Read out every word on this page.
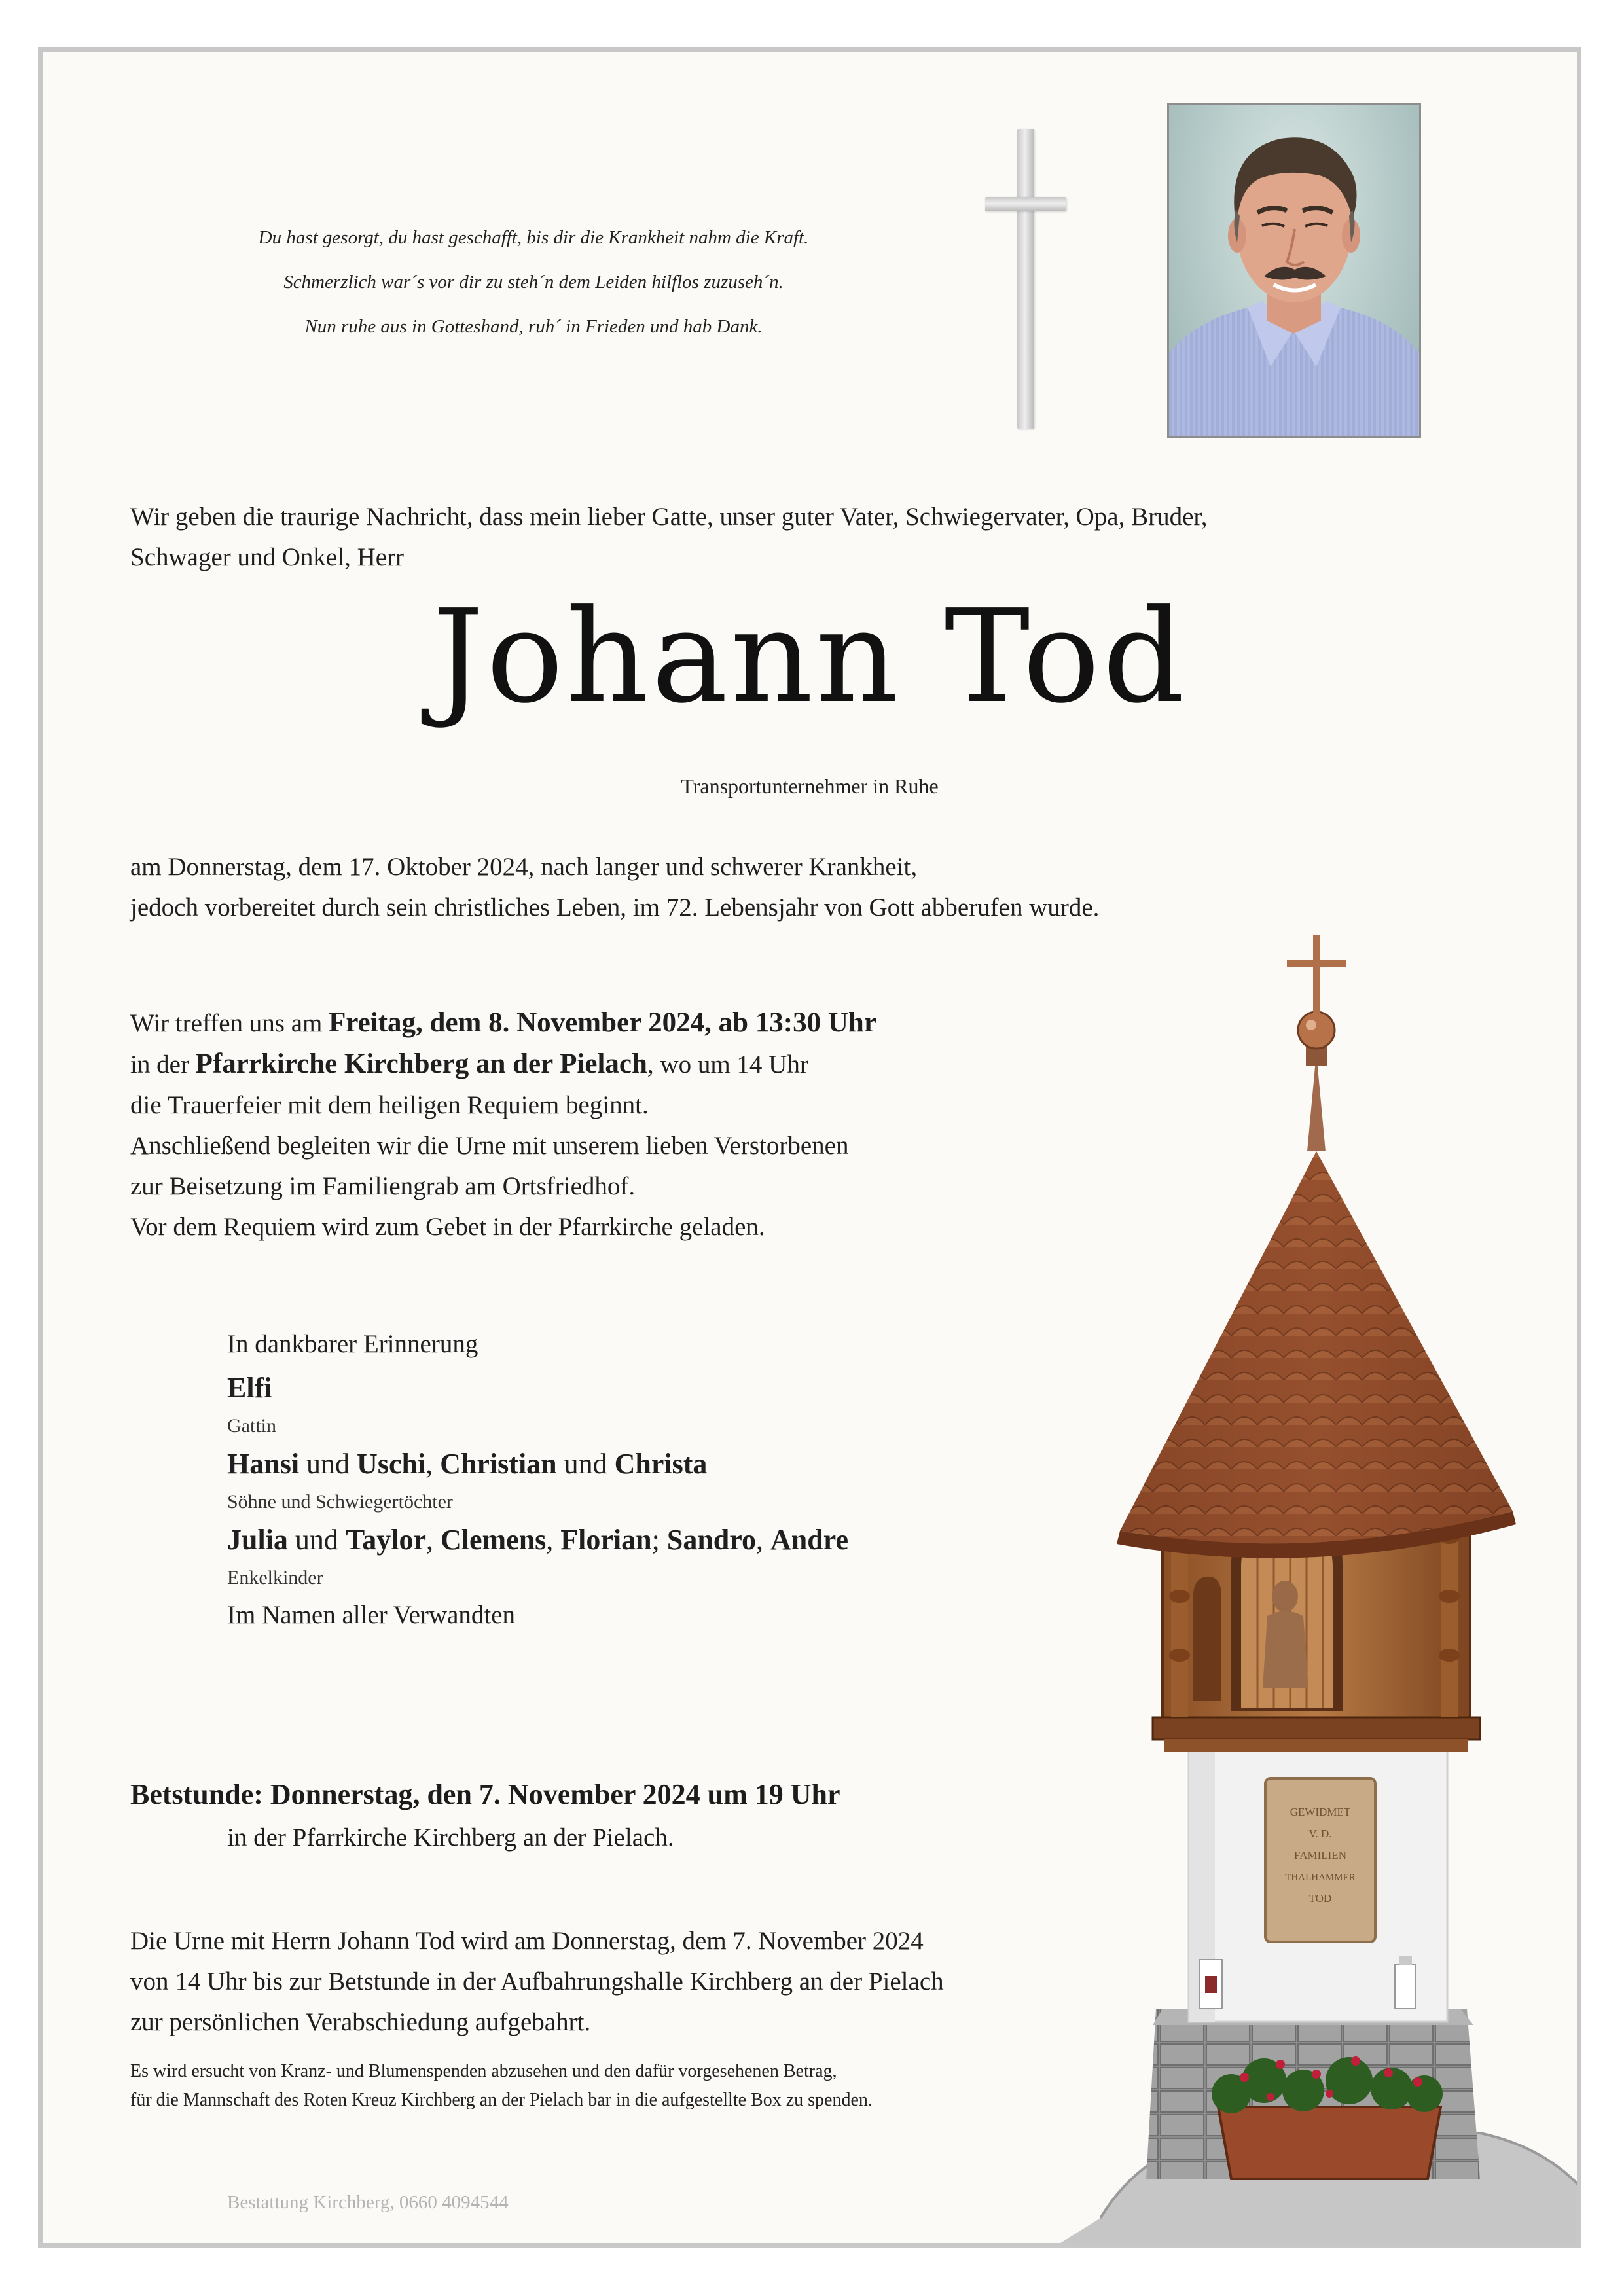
Du hast gesorgt, du hast geschafft, bis dir die Krankheit nahm die Kraft.
Schmerzlich war´s vor dir zu steh´n dem Leiden hilflos zuzuseh´n.
Nun ruhe aus in Gotteshand, ruh´ in Frieden und hab Dank.
Wir geben die traurige Nachricht, dass mein lieber Gatte, unser guter Vater, Schwiegervater, Opa, Bruder,
Schwager und Onkel, Herr
Johann Tod
Transportunternehmer in Ruhe
am Donnerstag, dem 17. Oktober 2024, nach langer und schwerer Krankheit,
jedoch vorbereitet durch sein christliches Leben, im 72. Lebensjahr von Gott abberufen wurde.
Wir treffen uns am Freitag, dem 8. November 2024, ab 13:30 Uhr
in der Pfarrkirche Kirchberg an der Pielach, wo um 14 Uhr
die Trauerfeier mit dem heiligen Requiem beginnt.
Anschließend begleiten wir die Urne mit unserem lieben Verstorbenen
zur Beisetzung im Familiengrab am Ortsfriedhof.
Vor dem Requiem wird zum Gebet in der Pfarrkirche geladen.
In dankbarer Erinnerung
Elfi
Gattin
Hansi und Uschi, Christian und Christa
Söhne und Schwiegertöchter
Julia und Taylor, Clemens, Florian; Sandro, Andre
Enkelkinder
Im Namen aller Verwandten
Betstunde: Donnerstag, den 7. November 2024 um 19 Uhr
in der Pfarrkirche Kirchberg an der Pielach.
Die Urne mit Herrn Johann Tod wird am Donnerstag, dem 7. November 2024
von 14 Uhr bis zur Betstunde in der Aufbahrungshalle Kirchberg an der Pielach
zur persönlichen Verabschiedung aufgebahrt.
Es wird ersucht von Kranz- und Blumenspenden abzusehen und den dafür vorgesehenen Betrag,
für die Mannschaft des Roten Kreuz Kirchberg an der Pielach bar in die aufgestellte Box zu spenden.
Bestattung Kirchberg, 0660 4094544
GEWIDMET
V. D.
FAMILIEN
THALHAMMER
TOD
